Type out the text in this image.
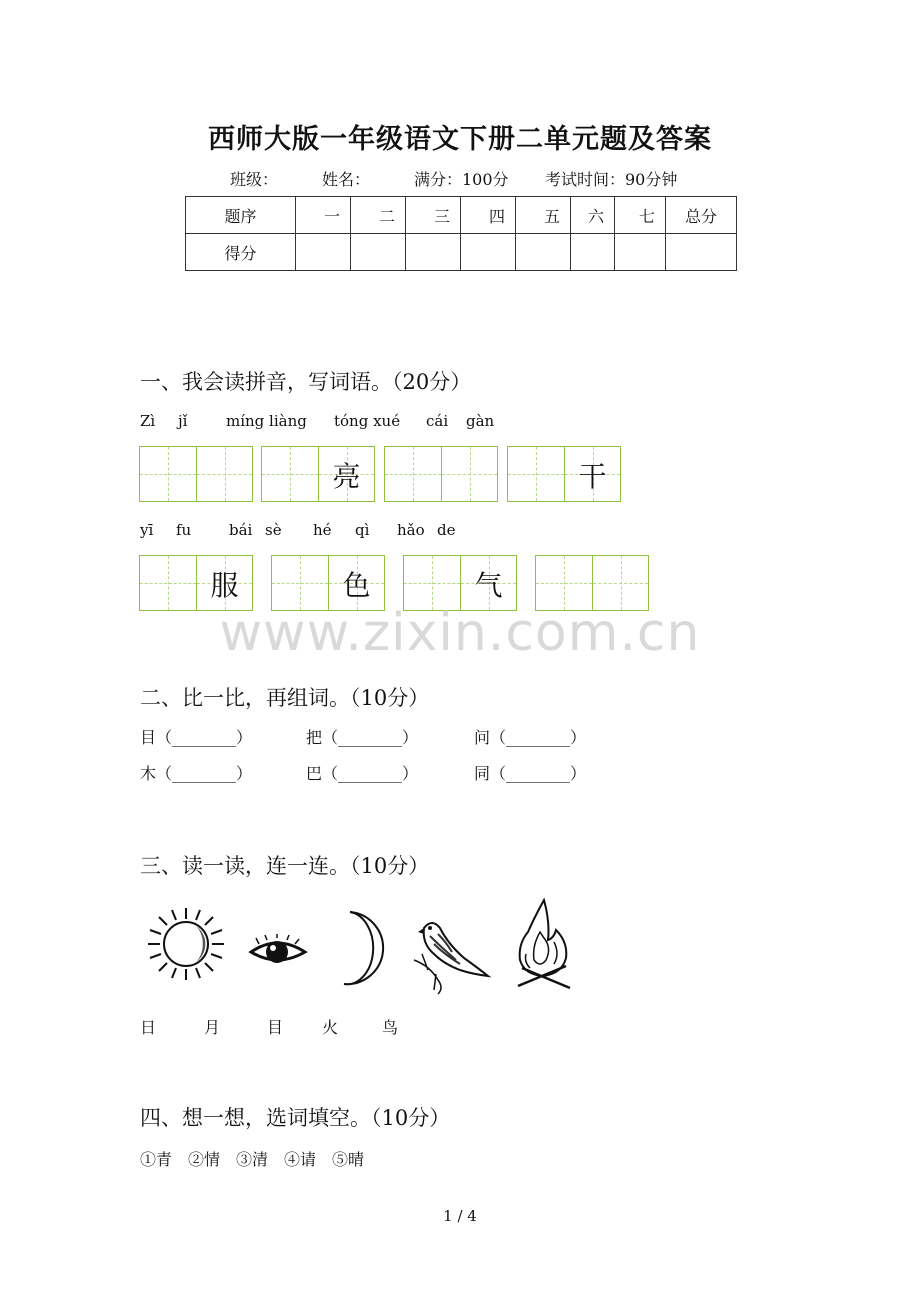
西师大版一年级语文下册二单元题及答案
班级：	姓名：	满分：100分 考试时间：90分钟
题序	一	二	三	四	五	六	七	总分
得分								
一、我会读拼音，写词语。（20分）
Zì jǐ	míng liàng tóng xué cái gàn
亮	干
yī fu	bái sè hé qì hǎo de
服	色	气
www.zixin.com.cn
二、比一比，再组词。（10分）
目（________）	把（________）	问（________）
木（________）	巴（________）	同（________）
三、读一读，连一连。（10分）
日	月	目 火	鸟
四、想一想，选词填空。（10分）
①青　②情　③清　④请　⑤晴
1 / 4
